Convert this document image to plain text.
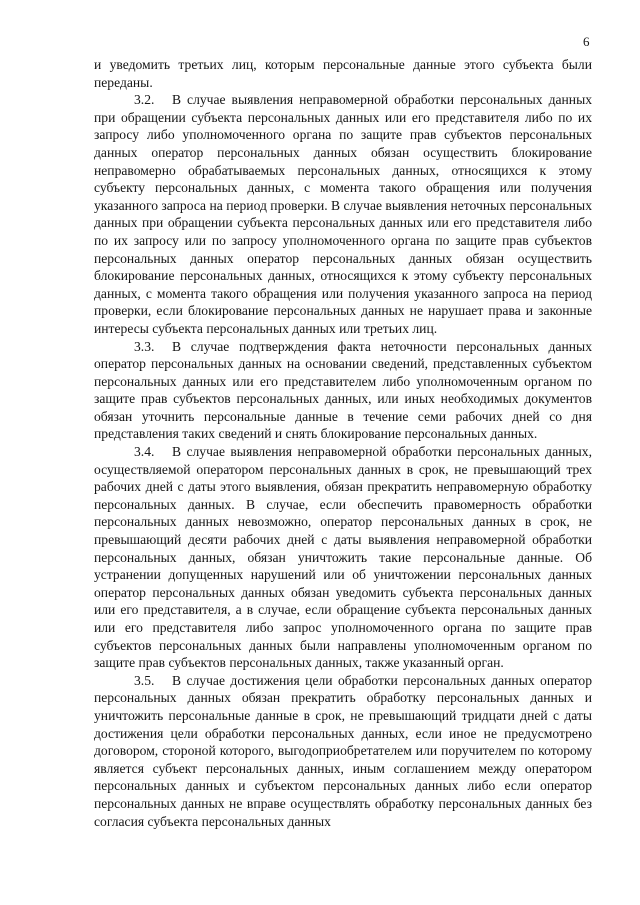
6

и уведомить третьих лиц, которым персональные данные этого субъекта были переданы.

3.2. В случае выявления неправомерной обработки персональных данных при обращении субъекта персональных данных или его представителя либо по их запросу либо уполномоченного органа по защите прав субъектов персональных данных оператор персональных данных обязан осуществить блокирование неправомерно обрабатываемых персональных данных, относящихся к этому субъекту персональных данных, с момента такого обращения или получения указанного запроса на период проверки. В случае выявления неточных персональных данных при обращении субъекта персональных данных или его представителя либо по их запросу или по запросу уполномоченного органа по защите прав субъектов персональных данных оператор персональных данных обязан осуществить блокирование персональных данных, относящихся к этому субъекту персональных данных, с момента такого обращения или получения указанного запроса на период проверки, если блокирование персональных данных не нарушает права и законные интересы субъекта персональных данных или третьих лиц.

3.3. В случае подтверждения факта неточности персональных данных оператор персональных данных на основании сведений, представленных субъектом персональных данных или его представителем либо уполномоченным органом по защите прав субъектов персональных данных, или иных необходимых документов обязан уточнить персональные данные в течение семи рабочих дней со дня представления таких сведений и снять блокирование персональных данных.

3.4. В случае выявления неправомерной обработки персональных данных, осуществляемой оператором персональных данных в срок, не превышающий трех рабочих дней с даты этого выявления, обязан прекратить неправомерную обработку персональных данных. В случае, если обеспечить правомерность обработки персональных данных невозможно, оператор персональных данных в срок, не превышающий десяти рабочих дней с даты выявления неправомерной обработки персональных данных, обязан уничтожить такие персональные данные. Об устранении допущенных нарушений или об уничтожении персональных данных оператор персональных данных обязан уведомить субъекта персональных данных или его представителя, а в случае, если обращение субъекта персональных данных или его представителя либо запрос уполномоченного органа по защите прав субъектов персональных данных были направлены уполномоченным органом по защите прав субъектов персональных данных, также указанный орган.

3.5. В случае достижения цели обработки персональных данных оператор персональных данных обязан прекратить обработку персональных данных и уничтожить персональные данные в срок, не превышающий тридцати дней с даты достижения цели обработки персональных данных, если иное не предусмотрено договором, стороной которого, выгодоприобретателем или поручителем по которому является субъект персональных данных, иным соглашением между оператором персональных данных и субъектом персональных данных либо если оператор персональных данных не вправе осуществлять обработку персональных данных без согласия субъекта персональных данных
